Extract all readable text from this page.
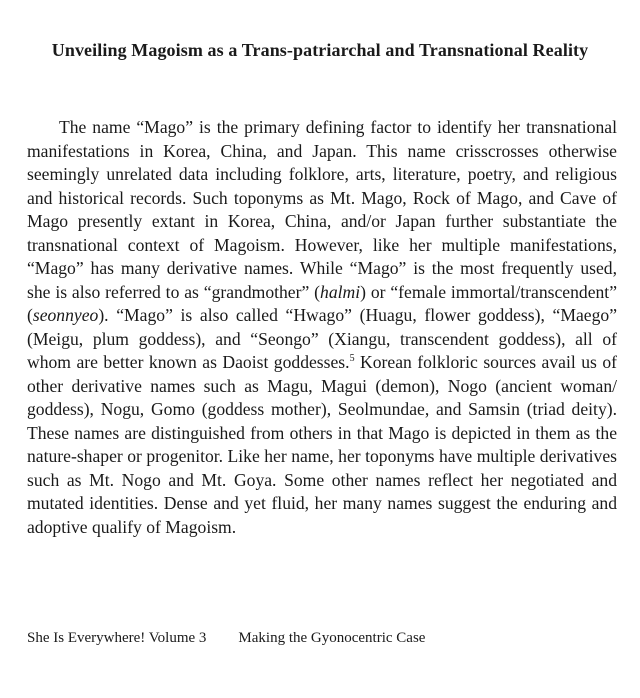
Unveiling Magoism as a Trans-patriarchal and Transnational Reality

The name “Mago” is the primary defining factor to identify her transnational manifestations in Korea, China, and Japan. This name crisscrosses otherwise seemingly unrelated data including folklore, arts, literature, poetry, and religious and historical records. Such toponyms as Mt. Mago, Rock of Mago, and Cave of Mago presently extant in Korea, China, and/or Japan further substantiate the transnational context of Magoism. However, like her multiple manifestations, “Mago” has many derivative names. While “Mago” is the most frequently used, she is also referred to as “grandmother” (halmi) or “female immortal/transcendent” (seonnyeo). “Mago” is also called “Hwago” (Huagu, flower goddess), “Maego” (Meigu, plum goddess), and “Seongo” (Xiangu, transcendent goddess), all of whom are better known as Daoist goddesses.$^5$ Korean folkloric sources avail us of other derivative names such as Magu, Magui (demon), Nogo (ancient woman/ goddess), Nogu, Gomo (goddess mother), Seolmundae, and Samsin (triad deity). These names are distinguished from others in that Mago is depicted in them as the nature-shaper or progenitor. Like her name, her toponyms have multiple derivatives such as Mt. Nogo and Mt. Goya. Some other names reflect her negotiated and mutated identities. Dense and yet fluid, her many names suggest the enduring and adoptive qualify of Magoism.

She Is Everywhere! Volume 3 Making the Gyonocentric Case
